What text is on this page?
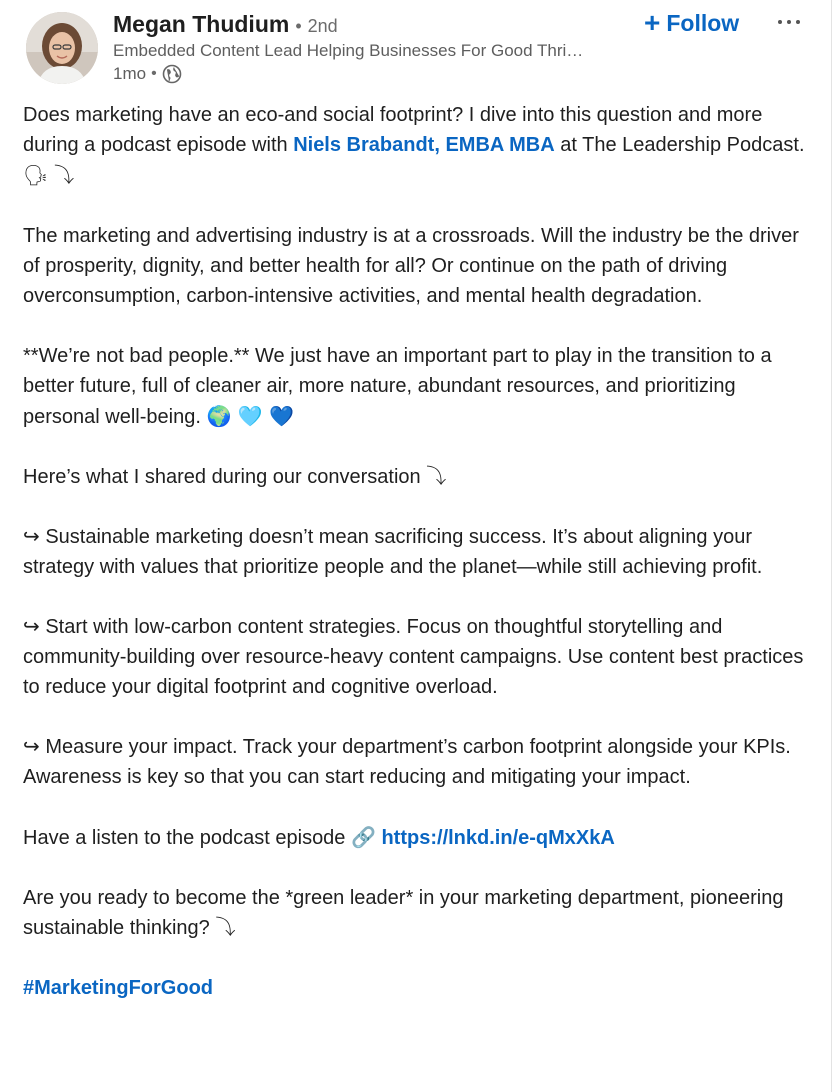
Megan Thudium • 2nd
Embedded Content Lead Helping Businesses For Good Thri…
1mo •
+ Follow

Does marketing have an eco-and social footprint? I dive into this question and more during a podcast episode with Niels Brabandt, EMBA MBA at The Leadership Podcast. 🗣 ⤵

The marketing and advertising industry is at a crossroads. Will the industry be the driver of prosperity, dignity, and better health for all? Or continue on the path of driving overconsumption, carbon-intensive activities, and mental health degradation.

**We’re not bad people.** We just have an important part to play in the transition to a better future, full of cleaner air, more nature, abundant resources, and prioritizing personal well-being. 🌍 🩵 💙

Here’s what I shared during our conversation ⤵

↪ Sustainable marketing doesn’t mean sacrificing success. It’s about aligning your strategy with values that prioritize people and the planet—while still achieving profit.

↪ Start with low-carbon content strategies. Focus on thoughtful storytelling and community-building over resource-heavy content campaigns. Use content best practices to reduce your digital footprint and cognitive overload.

↪ Measure your impact. Track your department’s carbon footprint alongside your KPIs. Awareness is key so that you can start reducing and mitigating your impact.

Have a listen to the podcast episode 🔗 https://lnkd.in/e-qMxXkA

Are you ready to become the *green leader* in your marketing department, pioneering sustainable thinking? ⤵

#MarketingForGood
